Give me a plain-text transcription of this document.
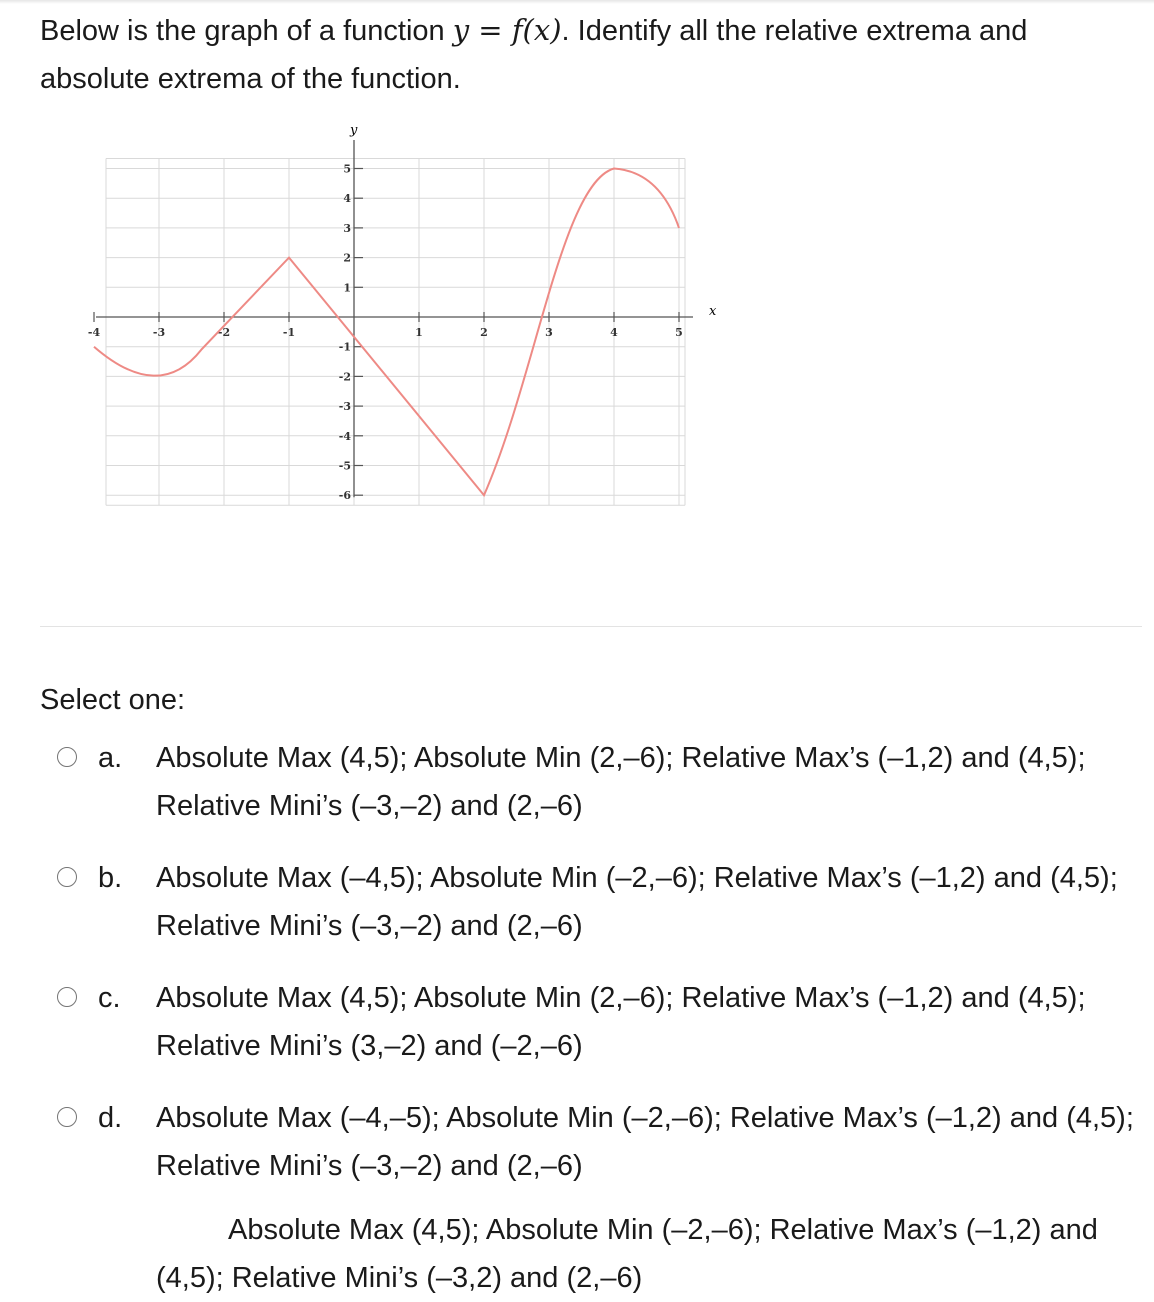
Below is the graph of a function y = f(x). Identify all the relative extrema and absolute extrema of the function.
-4	-3	-2	-1	1	2	3	4	5
5
4
3
2
1
-1
-2
-3
-4
-5
-6
x
y
Select one:
a. Absolute Max (4,5); Absolute Min (2,–6); Relative Max’s (–1,2) and (4,5); Relative Mini’s (–3,–2) and (2,–6)
b. Absolute Max (–4,5); Absolute Min (–2,–6); Relative Max’s (–1,2) and (4,5); Relative Mini’s (–3,–2) and (2,–6)
c. Absolute Max (4,5); Absolute Min (2,–6); Relative Max’s (–1,2) and (4,5); Relative Mini’s (3,–2) and (–2,–6)
d. Absolute Max (–4,–5); Absolute Min (–2,–6); Relative Max’s (–1,2) and (4,5); Relative Mini’s (–3,–2) and (2,–6)
Absolute Max (4,5); Absolute Min (–2,–6); Relative Max’s (–1,2) and (4,5); Relative Mini’s (–3,2) and (2,–6)
